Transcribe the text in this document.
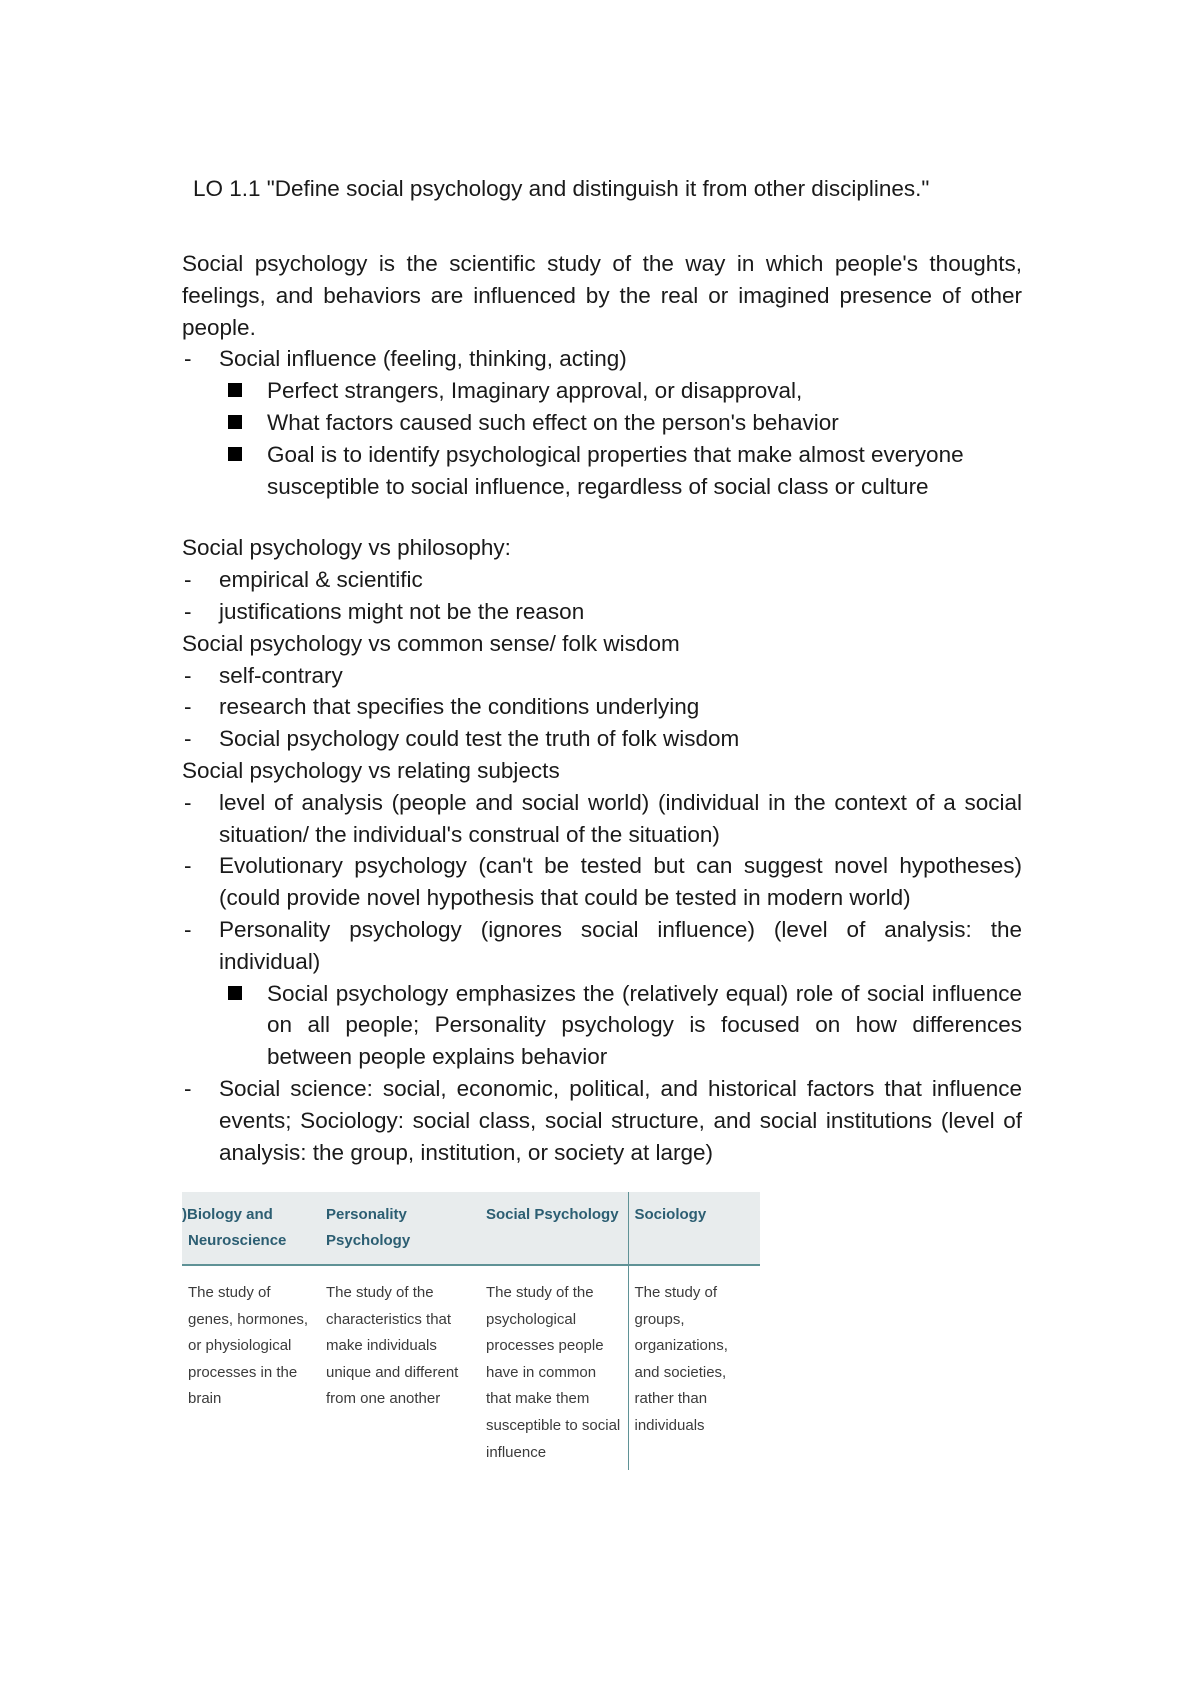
LO 1.1 "Define social psychology and distinguish it from other disciplines."

Social psychology is the scientific study of the way in which people's thoughts, feelings, and behaviors are influenced by the real or imagined presence of other people.

- Social influence (feeling, thinking, acting)

Perfect strangers, Imaginary approval, or disapproval,

What factors caused such effect on the person's behavior

Goal is to identify psychological properties that make almost everyone susceptible to social influence, regardless of social class or culture

Social psychology vs philosophy:

- empirical & scientific

- justifications might not be the reason

Social psychology vs common sense/ folk wisdom

- self-contrary

- research that specifies the conditions underlying

- Social psychology could test the truth of folk wisdom

Social psychology vs relating subjects

- level of analysis (people and social world) (individual in the context of a social situation/ the individual's construal of the situation)

- Evolutionary psychology (can't be tested but can suggest novel hypotheses) (could provide novel hypothesis that could be tested in modern world)

- Personality psychology (ignores social influence) (level of analysis: the individual)

Social psychology emphasizes the (relatively equal) role of social influence on all people; Personality psychology is focused on how differences between people explains behavior

- Social science: social, economic, political, and historical factors that influence events; Sociology: social class, social structure, and social institutions (level of analysis: the group, institution, or society at large)

)Biology and Neuroscience	Personality Psychology	Social Psychology	Sociology
The study of genes, hormones, or physiological processes in the brain	The study of the characteristics that make individuals unique and different from one another	The study of the psychological processes people have in common that make them susceptible to social influence	The study of groups, organizations, and societies, rather than individuals
